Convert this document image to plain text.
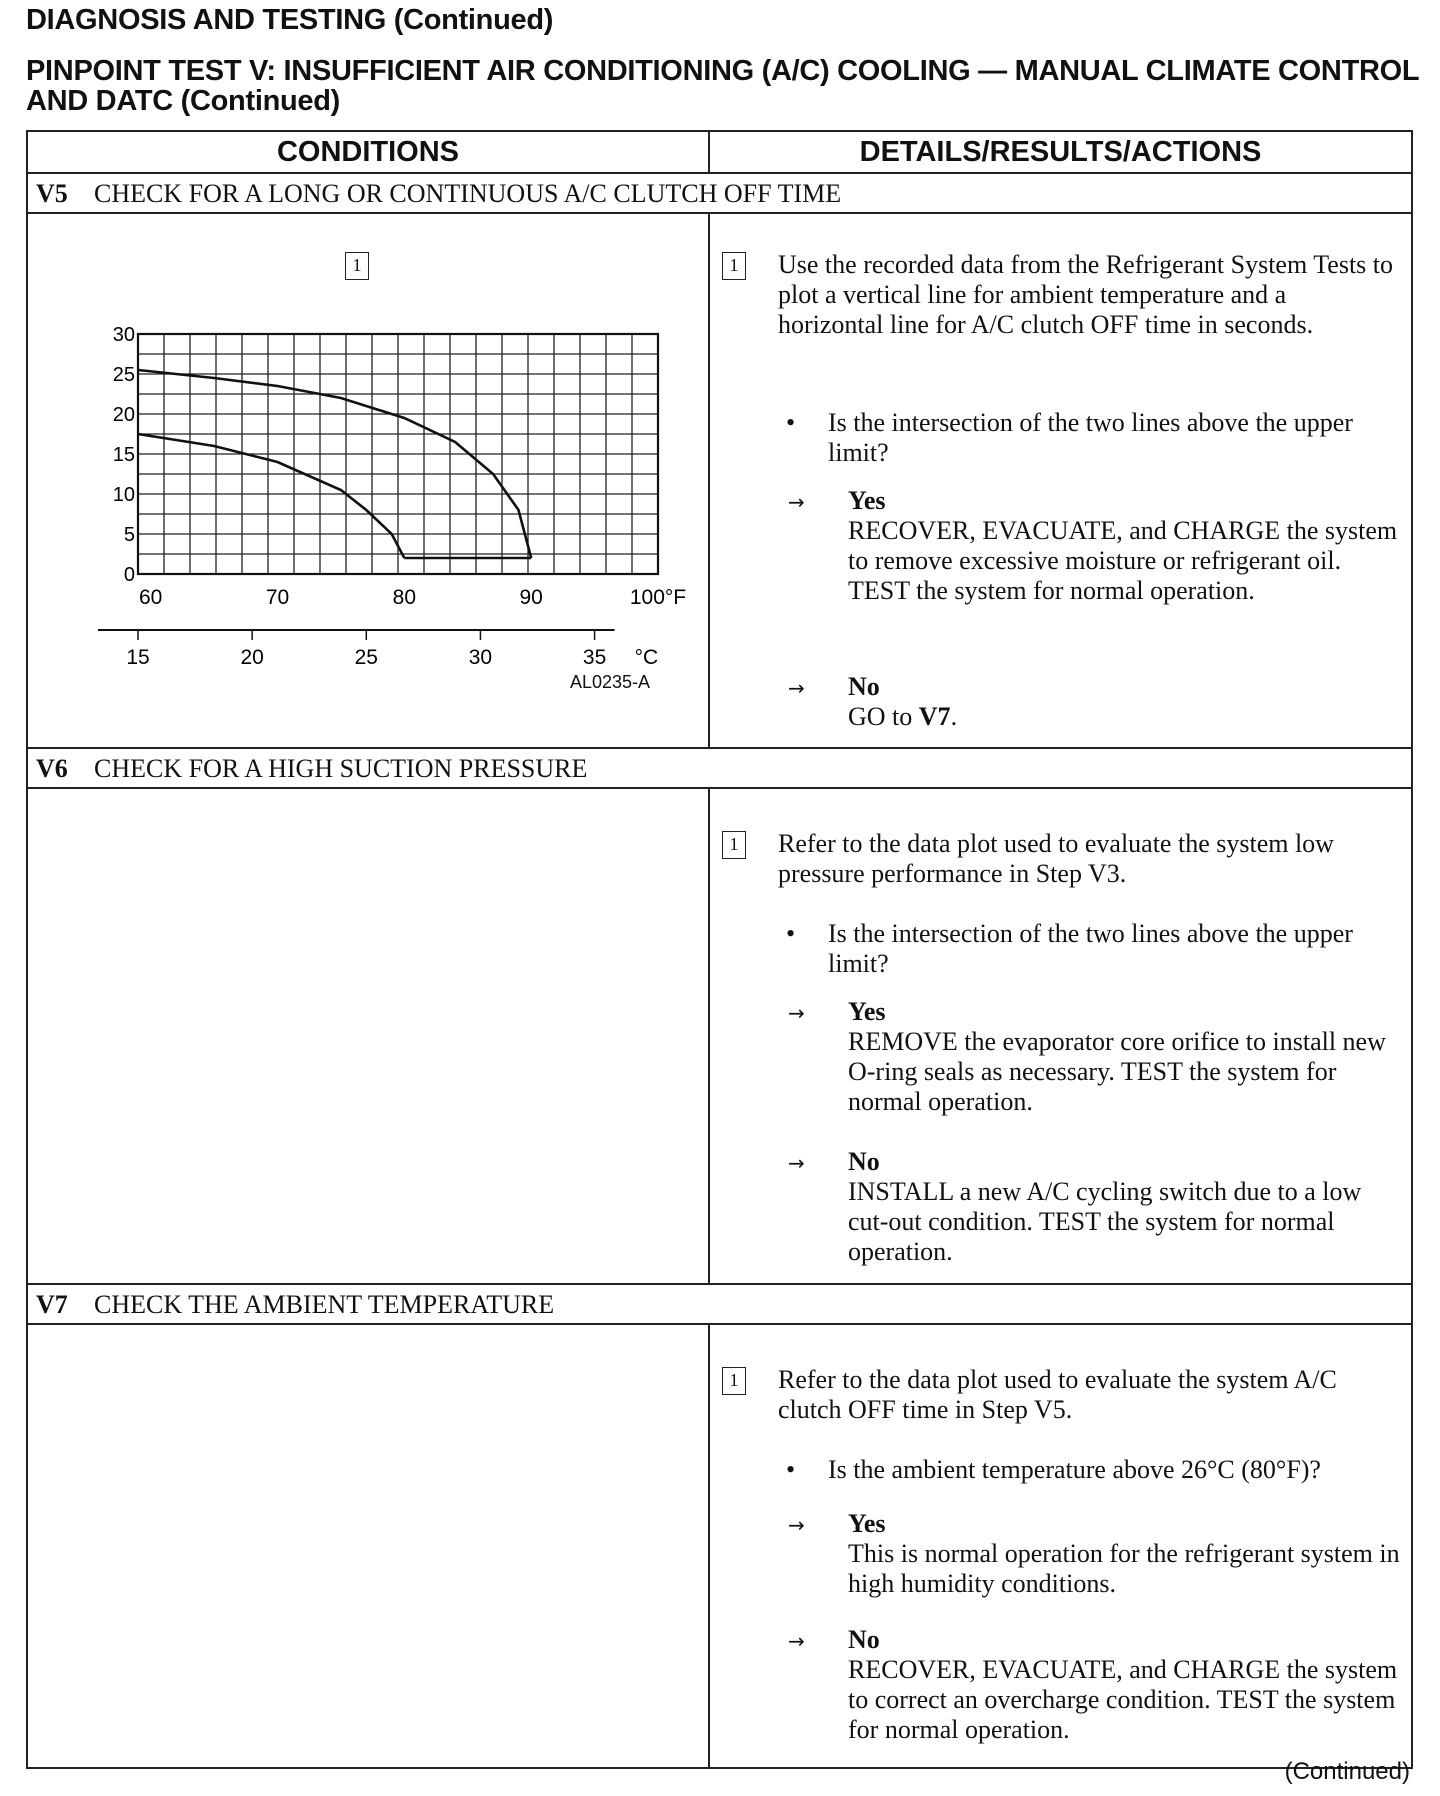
DIAGNOSIS AND TESTING (Continued)
PINPOINT TEST V: INSUFFICIENT AIR CONDITIONING (A/C) COOLING — MANUAL CLIMATE CONTROL AND DATC (Continued)
CONDITIONS	DETAILS/RESULTS/ACTIONS
V5	CHECK FOR A LONG OR CONTINUOUS A/C CLUTCH OFF TIME
1
0
5
10
15
20
25
30
60	70	80	90	100°F
15	20	25	30	35 °C
AL0235-A
1 Use the recorded data from the Refrigerant System Tests to plot a vertical line for ambient temperature and a horizontal line for A/C clutch OFF time in seconds.
• Is the intersection of the two lines above the upper limit?
→ Yes
RECOVER, EVACUATE, and CHARGE the system to remove excessive moisture or refrigerant oil. TEST the system for normal operation.
→ No
GO to V7.
V6	CHECK FOR A HIGH SUCTION PRESSURE
1 Refer to the data plot used to evaluate the system low pressure performance in Step V3.
• Is the intersection of the two lines above the upper limit?
→ Yes
REMOVE the evaporator core orifice to install new O-ring seals as necessary. TEST the system for normal operation.
→ No
INSTALL a new A/C cycling switch due to a low cut-out condition. TEST the system for normal operation.
V7	CHECK THE AMBIENT TEMPERATURE
1 Refer to the data plot used to evaluate the system A/C clutch OFF time in Step V5.
• Is the ambient temperature above 26°C (80°F)?
→ Yes
This is normal operation for the refrigerant system in high humidity conditions.
→ No
RECOVER, EVACUATE, and CHARGE the system to correct an overcharge condition. TEST the system for normal operation.
(Continued)
